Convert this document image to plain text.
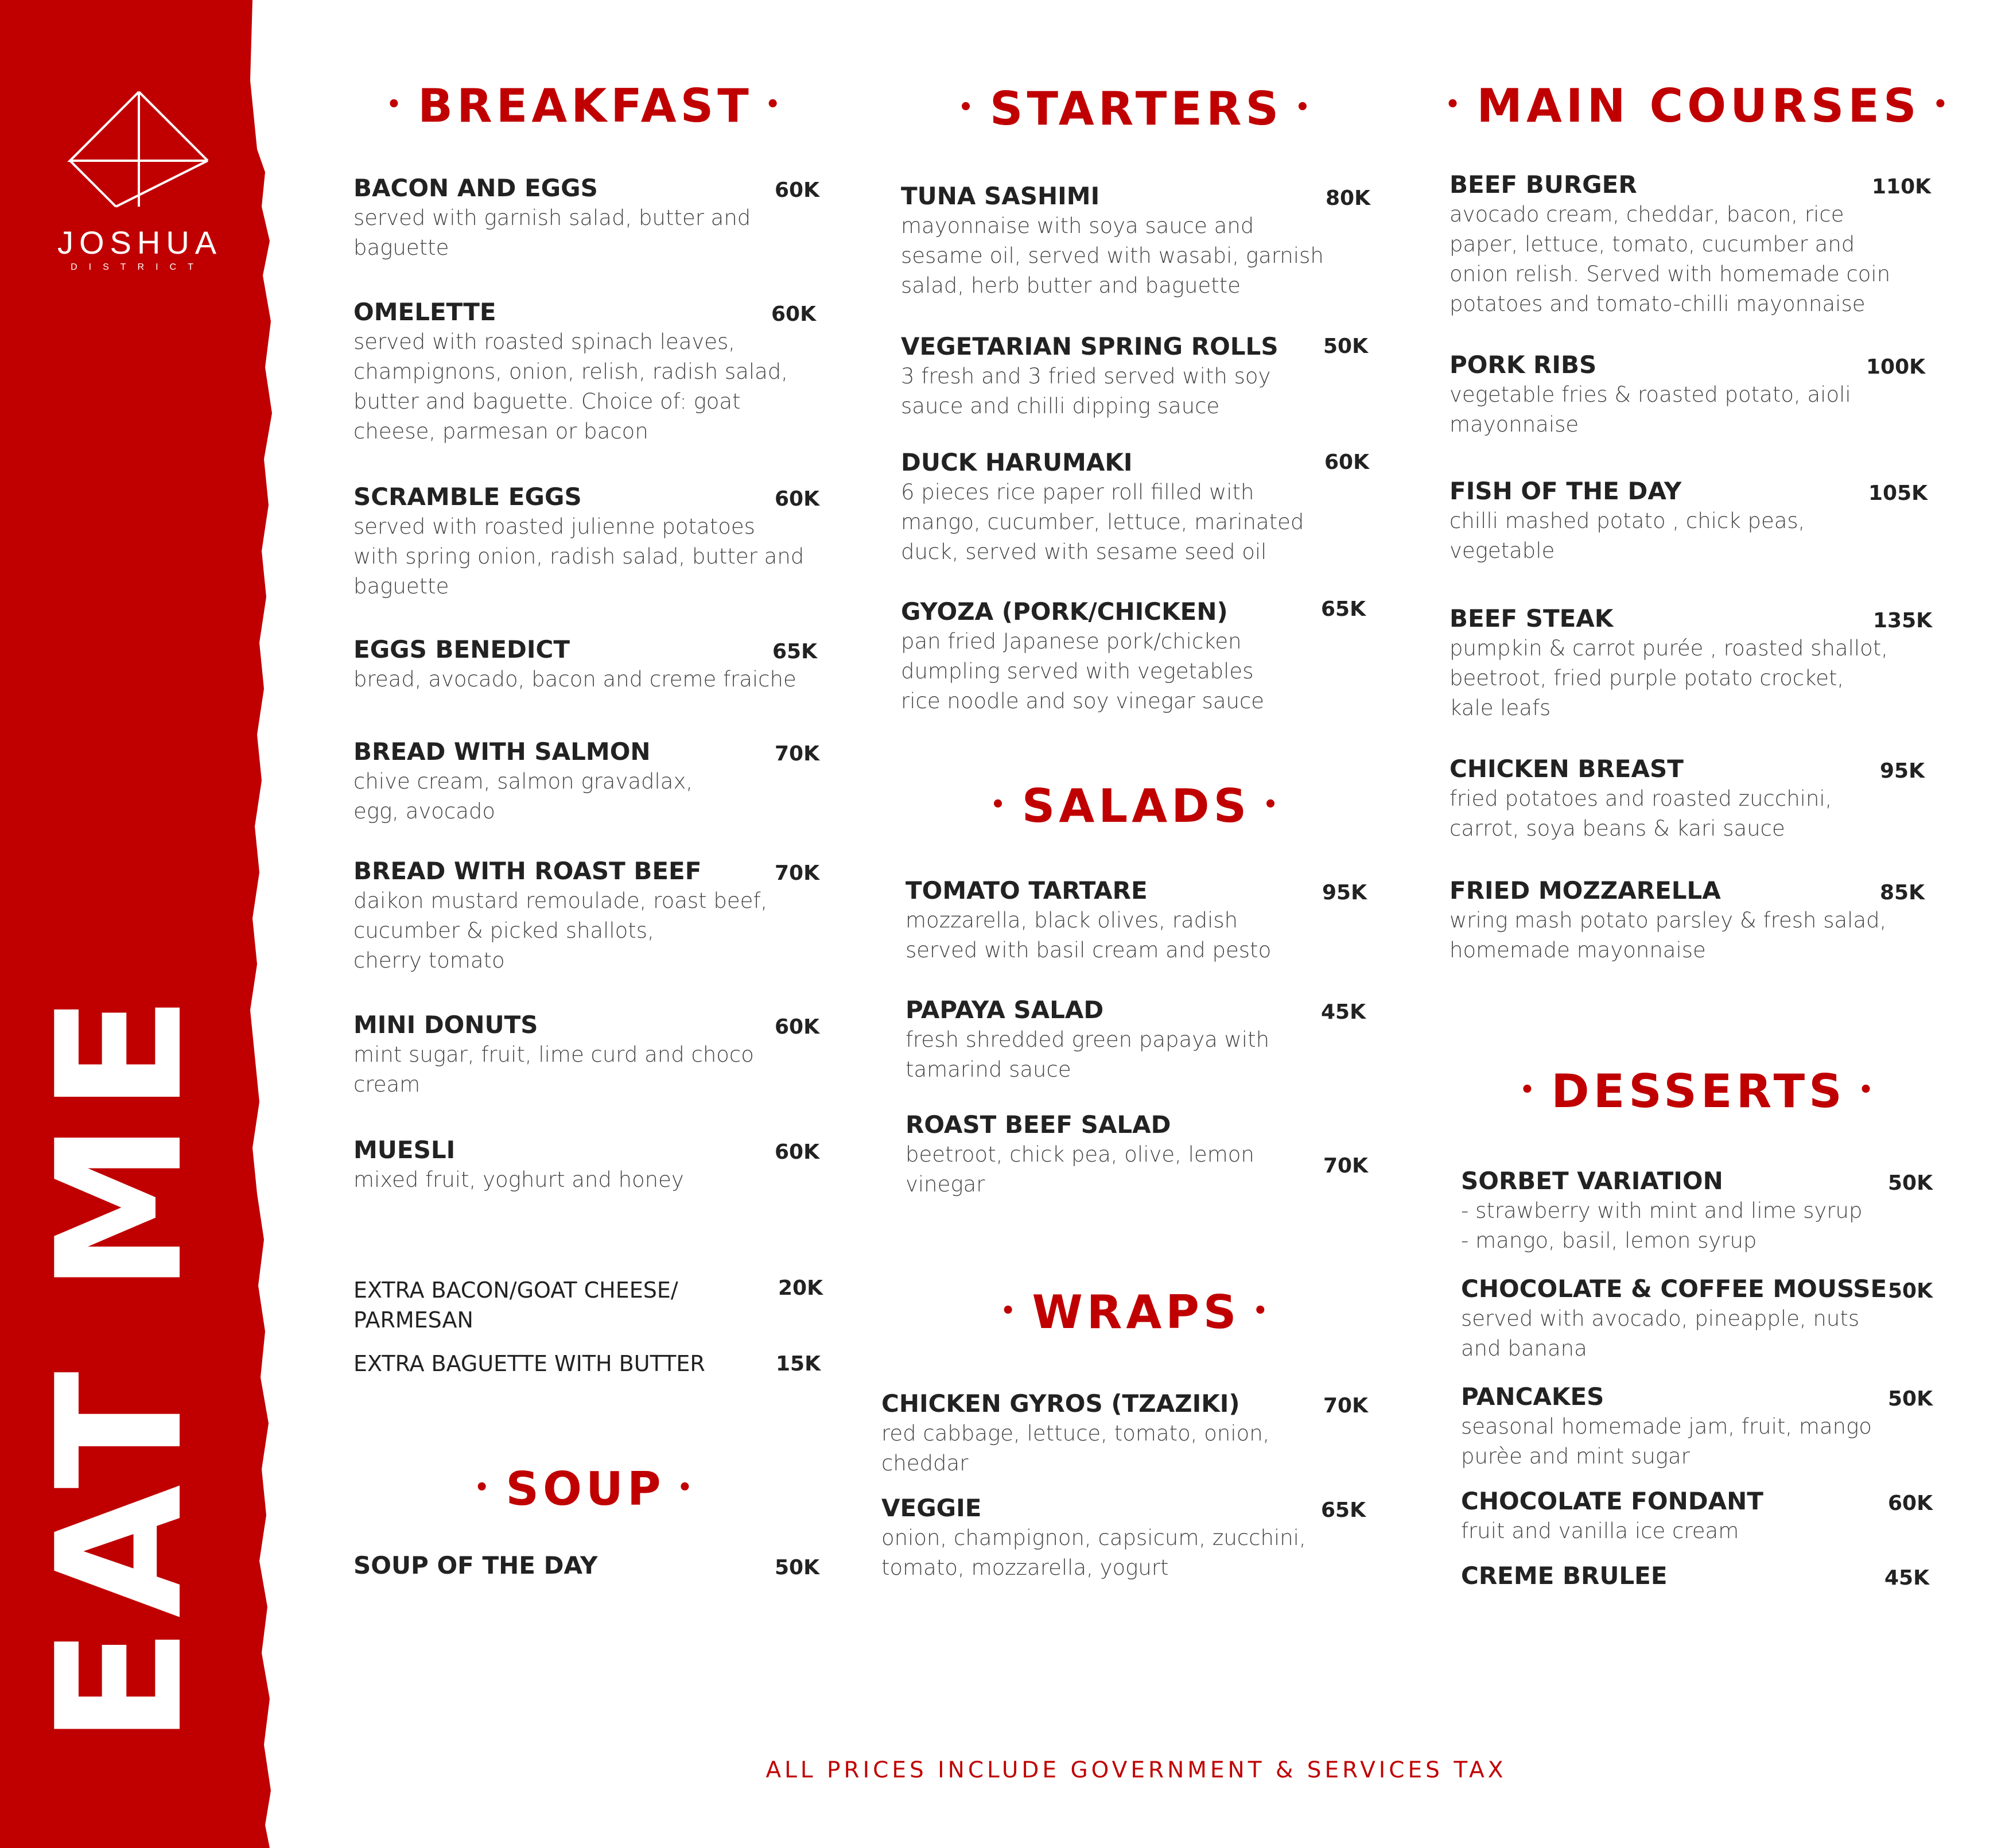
JOSHUA
DISTRICT
EAT ME
• BREAKFAST •	• STARTERS •	• MAIN COURSES •
• SALADS •
• WRAPS •
• DESSERTS •
• SOUP •
BACON AND EGGS
served with garnish salad, butter and
baguette
60K
OMELETTE
served with roasted spinach leaves,
champignons, onion, relish, radish salad,
butter and baguette. Choice of: goat
cheese, parmesan or bacon
60K
SCRAMBLE EGGS
served with roasted julienne potatoes
with spring onion, radish salad, butter and
baguette
60K
EGGS BENEDICT
bread, avocado, bacon and creme fraiche
65K
BREAD WITH SALMON
chive cream, salmon gravadlax,
egg, avocado
70K
BREAD WITH ROAST BEEF
daikon mustard remoulade, roast beef,
cucumber & picked shallots,
cherry tomato
70K
MINI DONUTS
mint sugar, fruit, lime curd and choco
cream
60K
MUESLI
mixed fruit, yoghurt and honey
60K
EXTRA BACON/GOAT CHEESE/
PARMESAN
20K
EXTRA BAGUETTE WITH BUTTER	15K
SOUP OF THE DAY	50K
TUNA SASHIMI
mayonnaise with soya sauce and
sesame oil, served with wasabi, garnish
salad, herb butter and baguette
80K
VEGETARIAN SPRING ROLLS
3 fresh and 3 fried served with soy
sauce and chilli dipping sauce
50K
DUCK HARUMAKI
6 pieces rice paper roll filled with
mango, cucumber, lettuce, marinated
duck, served with sesame seed oil
60K
GYOZA (PORK/CHICKEN)
pan fried Japanese pork/chicken
dumpling served with vegetables
rice noodle and soy vinegar sauce
65K
TOMATO TARTARE
mozzarella, black olives, radish
served with basil cream and pesto
95K
PAPAYA SALAD
fresh shredded green papaya with
tamarind sauce
45K
ROAST BEEF SALAD
beetroot, chick pea, olive, lemon
vinegar
70K
CHICKEN GYROS (TZAZIKI)
red cabbage, lettuce, tomato, onion,
cheddar
70K
VEGGIE
onion, champignon, capsicum, zucchini,
tomato, mozzarella, yogurt
65K
BEEF BURGER
avocado cream, cheddar, bacon, rice
paper, lettuce, tomato, cucumber and
onion relish. Served with homemade coin
potatoes and tomato-chilli mayonnaise
110K
PORK RIBS
vegetable fries & roasted potato, aioli
mayonnaise
100K
FISH OF THE DAY
chilli mashed potato , chick peas,
vegetable
105K
BEEF STEAK
pumpkin & carrot purée , roasted shallot,
beetroot, fried purple potato crocket,
kale leafs
135K
CHICKEN BREAST
fried potatoes and roasted zucchini,
carrot, soya beans & kari sauce
95K
FRIED MOZZARELLA
wring mash potato parsley & fresh salad,
homemade mayonnaise
85K
SORBET VARIATION
- strawberry with mint and lime syrup
- mango, basil, lemon syrup
50K
CHOCOLATE & COFFEE MOUSSE
served with avocado, pineapple, nuts
and banana
50K
PANCAKES
seasonal homemade jam, fruit, mango
purèe and mint sugar
50K
CHOCOLATE FONDANT
fruit and vanilla ice cream
60K
CREME BRULEE	45K
ALL PRICES INCLUDE GOVERNMENT & SERVICES TAX
